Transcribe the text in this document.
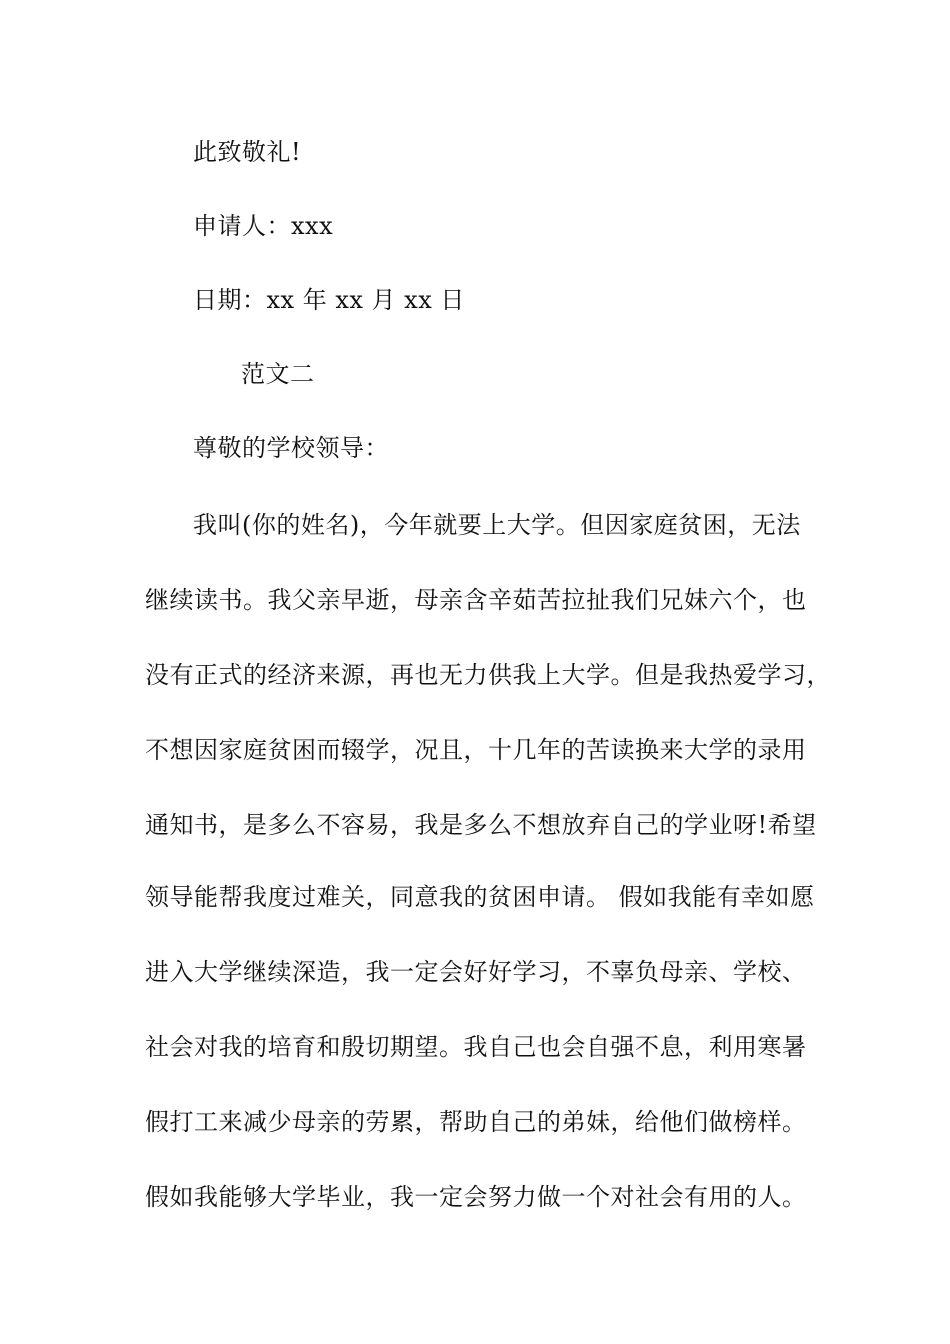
此致敬礼!
申请人：xxx
日期：xx 年 xx 月 xx 日
范文二
尊敬的学校领导：
我叫(你的姓名)，今年就要上大学。但因家庭贫困，无法
继续读书。我父亲早逝，母亲含辛茹苦拉扯我们兄妹六个，也
没有正式的经济来源，再也无力供我上大学。但是我热爱学习，
不想因家庭贫困而辍学，况且，十几年的苦读换来大学的录用
通知书，是多么不容易，我是多么不想放弃自己的学业呀!希望
领导能帮我度过难关，同意我的贫困申请。 假如我能有幸如愿
进入大学继续深造，我一定会好好学习，不辜负母亲、学校、
社会对我的培育和殷切期望。我自己也会自强不息，利用寒暑
假打工来减少母亲的劳累，帮助自己的弟妹，给他们做榜样。
假如我能够大学毕业，我一定会努力做一个对社会有用的人。
